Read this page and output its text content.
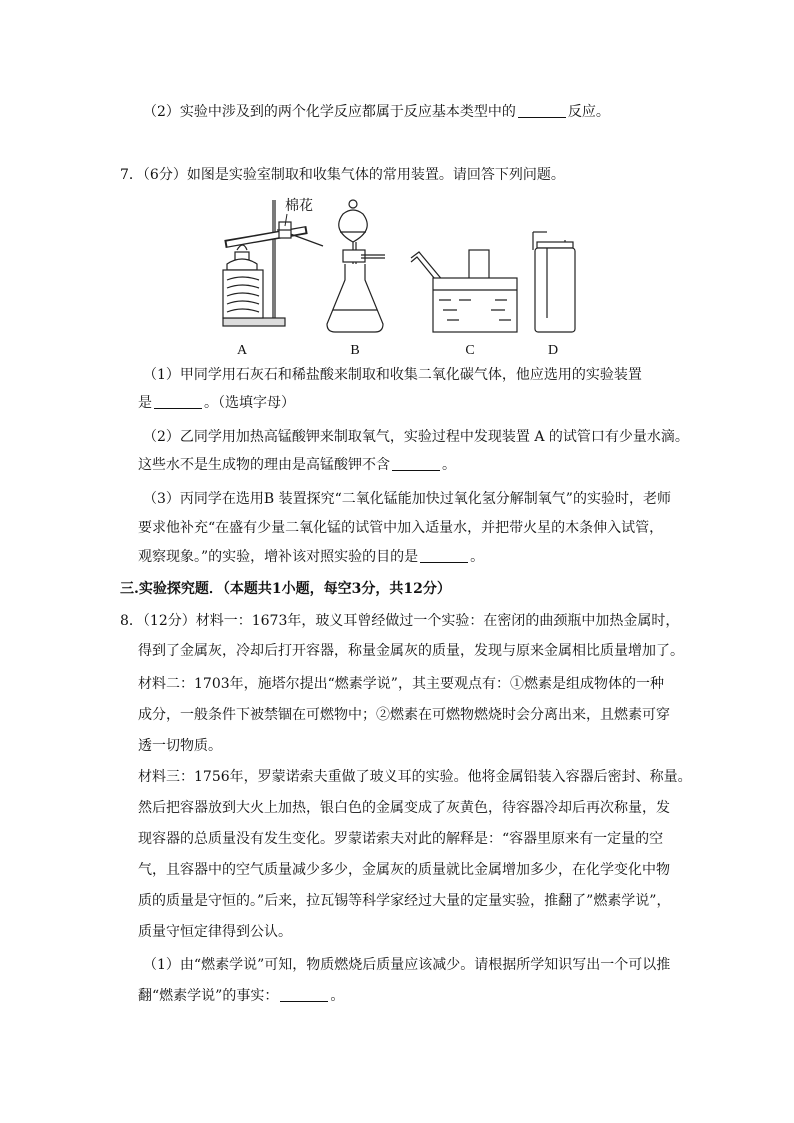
（2）实验中涉及到的两个化学反应都属于反应基本类型中的	反应。
7．（6分）如图是实验室制取和收集气体的常用装置。请回答下列问题。
棉花
A	B	C	D
（1）甲同学用石灰石和稀盐酸来制取和收集二氧化碳气体，他应选用的实验装置
是	。（选填字母）
（2）乙同学用加热高锰酸钾来制取氧气，实验过程中发现装置 A 的试管口有少量水滴。
这些水不是生成物的理由是高锰酸钾不含	。
（3）丙同学在选用B 装置探究“二氧化锰能加快过氧化氢分解制氧气”的实验时，老师
要求他补充“在盛有少量二氧化锰的试管中加入适量水，并把带火星的木条伸入试管，
观察现象。”的实验，增补该对照实验的目的是	。
三.实验探究题．（本题共1小题，每空3分，共12分）
8．（12分）材料一：1673年，玻义耳曾经做过一个实验：在密闭的曲颈瓶中加热金属时，
得到了金属灰，冷却后打开容器，称量金属灰的质量，发现与原来金属相比质量增加了。
材料二：1703年，施塔尔提出“燃素学说”，其主要观点有：①燃素是组成物体的一种
成分，一般条件下被禁锢在可燃物中；②燃素在可燃物燃烧时会分离出来，且燃素可穿
透一切物质。
材料三：1756年，罗蒙诺索夫重做了玻义耳的实验。他将金属铅装入容器后密封、称量。
然后把容器放到大火上加热，银白色的金属变成了灰黄色，待容器冷却后再次称量，发
现容器的总质量没有发生变化。罗蒙诺索夫对此的解释是：“容器里原来有一定量的空
气，且容器中的空气质量减少多少，金属灰的质量就比金属增加多少，在化学变化中物
质的质量是守恒的。”后来，拉瓦锡等科学家经过大量的定量实验，推翻了”燃素学说”，
质量守恒定律得到公认。
（1）由“燃素学说”可知，物质燃烧后质量应该减少。请根据所学知识写出一个可以推
翻“燃素学说”的事实：	。
